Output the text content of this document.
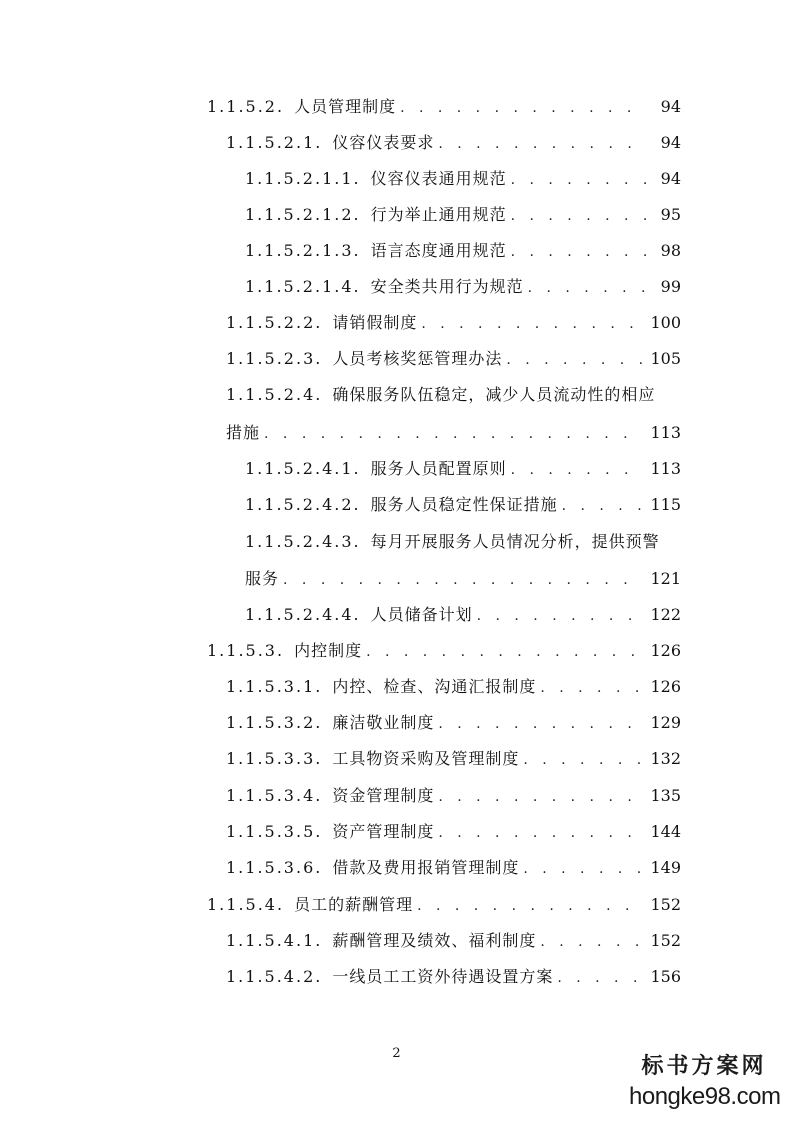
1.1.5.2. 人员管理制度 . . .	94
1.1.5.2.1. 仪容仪表要求 . . .	94
1.1.5.2.1.1. 仪容仪表通用规范 . . .	94
1.1.5.2.1.2. 行为举止通用规范 . . .	95
1.1.5.2.1.3. 语言态度通用规范 . . .	98
1.1.5.2.1.4. 安全类共用行为规范 . . .	99
1.1.5.2.2. 请销假制度 . . .	100
1.1.5.2.3. 人员考核奖惩管理办法 . . .	105
1.1.5.2.4. 确保服务队伍稳定，减少人员流动性的相应
措施 . . .	113
1.1.5.2.4.1. 服务人员配置原则 . . .	113
1.1.5.2.4.2. 服务人员稳定性保证措施 . . .	115
1.1.5.2.4.3. 每月开展服务人员情况分析，提供预警
服务 . . .	121
1.1.5.2.4.4. 人员储备计划 . . .	122
1.1.5.3. 内控制度 . . .	126
1.1.5.3.1. 内控、检查、沟通汇报制度 . . .	126
1.1.5.3.2. 廉洁敬业制度 . . .	129
1.1.5.3.3. 工具物资采购及管理制度 . . .	132
1.1.5.3.4. 资金管理制度 . . .	135
1.1.5.3.5. 资产管理制度 . . .	144
1.1.5.3.6. 借款及费用报销管理制度 . . .	149
1.1.5.4. 员工的薪酬管理 . . .	152
1.1.5.4.1. 薪酬管理及绩效、福利制度 . . .	152
1.1.5.4.2. 一线员工工资外待遇设置方案 . . .	156
2
标书方案网
hongke98.com
